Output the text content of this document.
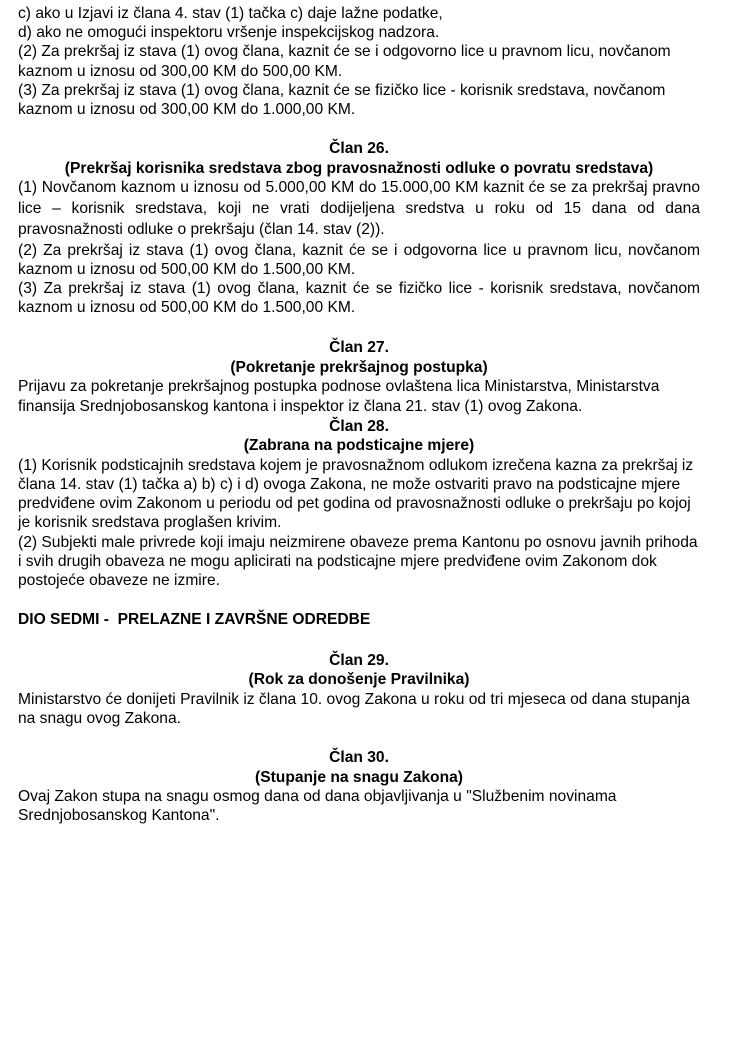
c) ako u Izjavi iz člana 4. stav (1) tačka c) daje lažne podatke,

d) ako ne omogući inspektoru vršenje inspekcijskog nadzora.

(2) Za prekršaj iz stava (1) ovog člana, kaznit će se i odgovorno lice u pravnom licu, novčanom kaznom u iznosu od 300,00 KM do 500,00 KM.

(3) Za prekršaj iz stava (1) ovog člana, kaznit će se fizičko lice - korisnik sredstava, novčanom kaznom u iznosu od 300,00 KM do 1.000,00 KM.

Član 26.

(Prekršaj korisnika sredstava zbog pravosnažnosti odluke o povratu sredstava)

(1) Novčanom kaznom u iznosu od 5.000,00 KM do 15.000,00 KM kaznit će se za prekršaj pravno lice – korisnik sredstava, koji ne vrati dodijeljena sredstva u roku od 15 dana od dana pravosnažnosti odluke o prekršaju (član 14. stav (2)).

(2) Za prekršaj iz stava (1) ovog člana, kaznit će se i odgovorna lice u pravnom licu, novčanom kaznom u iznosu od 500,00 KM do 1.500,00 KM.

(3) Za prekršaj iz stava (1) ovog člana, kaznit će se fizičko lice - korisnik sredstava, novčanom kaznom u iznosu od 500,00 KM do 1.500,00 KM.

Član 27.

(Pokretanje prekršajnog postupka)

Prijavu za pokretanje prekršajnog postupka podnose ovlaštena lica Ministarstva, Ministarstva finansija Srednjobosanskog kantona i inspektor iz člana 21. stav (1) ovog Zakona.

Član 28.

(Zabrana na podsticajne mjere)

(1) Korisnik podsticajnih sredstava kojem je pravosnažnom odlukom izrečena kazna za prekršaj iz člana 14. stav (1) tačka a) b) c) i d) ovoga Zakona, ne može ostvariti pravo na podsticajne mjere predviđene ovim Zakonom u periodu od pet godina od pravosnažnosti odluke o prekršaju po kojoj je korisnik sredstava proglašen krivim.

(2) Subjekti male privrede koji imaju neizmirene obaveze prema Kantonu po osnovu javnih prihoda i svih drugih obaveza ne mogu aplicirati na podsticajne mjere predviđene ovim Zakonom dok postojeće obaveze ne izmire.

DIO SEDMI -  PRELAZNE I ZAVRŠNE ODREDBE

Član 29.

(Rok za donošenje Pravilnika)

Ministarstvo će donijeti Pravilnik iz člana 10. ovog Zakona u roku od tri mjeseca od dana stupanja na snagu ovog Zakona.

Član 30.

(Stupanje na snagu Zakona)

Ovaj Zakon stupa na snagu osmog dana od dana objavljivanja u "Službenim novinama Srednjobosanskog Kantona".
